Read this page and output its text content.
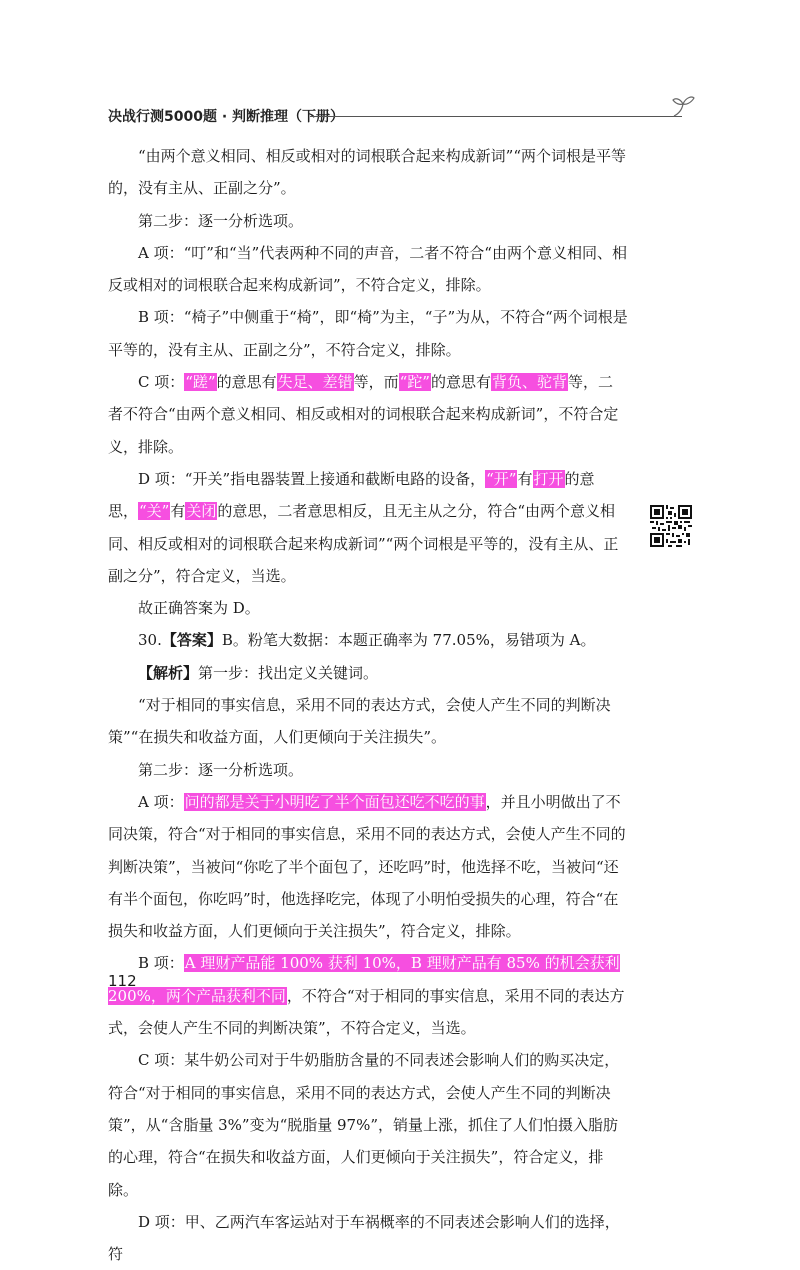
决战行测5000题 · 判断推理（下册）

“由两个意义相同、相反或相对的词根联合起来构成新词”“两个词根是平等的，没有主从、正副之分”。

第二步：逐一分析选项。

A 项：“叮”和“当”代表两种不同的声音，二者不符合“由两个意义相同、相反或相对的词根联合起来构成新词”，不符合定义，排除。

B 项：“椅子”中侧重于“椅”，即“椅”为主，“子”为从，不符合“两个词根是平等的，没有主从、正副之分”，不符合定义，排除。

C 项：“蹉”的意思有失足、差错等，而“跎”的意思有背负、驼背等，二者不符合“由两个意义相同、相反或相对的词根联合起来构成新词”，不符合定义，排除。

D 项：“开关”指电器装置上接通和截断电路的设备，“开”有打开的意思，“关”有关闭的意思，二者意思相反，且无主从之分，符合“由两个意义相同、相反或相对的词根联合起来构成新词”“两个词根是平等的，没有主从、正副之分”，符合定义，当选。

故正确答案为 D。

30.【答案】B。粉笔大数据：本题正确率为 77.05%，易错项为 A。

【解析】第一步：找出定义关键词。

“对于相同的事实信息，采用不同的表达方式，会使人产生不同的判断决策”“在损失和收益方面，人们更倾向于关注损失”。

第二步：逐一分析选项。

A 项：问的都是关于小明吃了半个面包还吃不吃的事，并且小明做出了不同决策，符合“对于相同的事实信息，采用不同的表达方式，会使人产生不同的判断决策”，当被问“你吃了半个面包了，还吃吗”时，他选择不吃，当被问“还有半个面包，你吃吗”时，他选择吃完，体现了小明怕受损失的心理，符合“在损失和收益方面，人们更倾向于关注损失”，符合定义，排除。

B 项：A 理财产品能 100% 获利 10%，B 理财产品有 85% 的机会获利 200%，两个产品获利不同，不符合“对于相同的事实信息，采用不同的表达方式，会使人产生不同的判断决策”，不符合定义，当选。

C 项：某牛奶公司对于牛奶脂肪含量的不同表述会影响人们的购买决定，符合“对于相同的事实信息，采用不同的表达方式，会使人产生不同的判断决策”，从“含脂量 3%”变为“脱脂量 97%”，销量上涨，抓住了人们怕摄入脂肪的心理，符合“在损失和收益方面，人们更倾向于关注损失”，符合定义，排除。

D 项：甲、乙两汽车客运站对于车祸概率的不同表述会影响人们的选择，符

112
